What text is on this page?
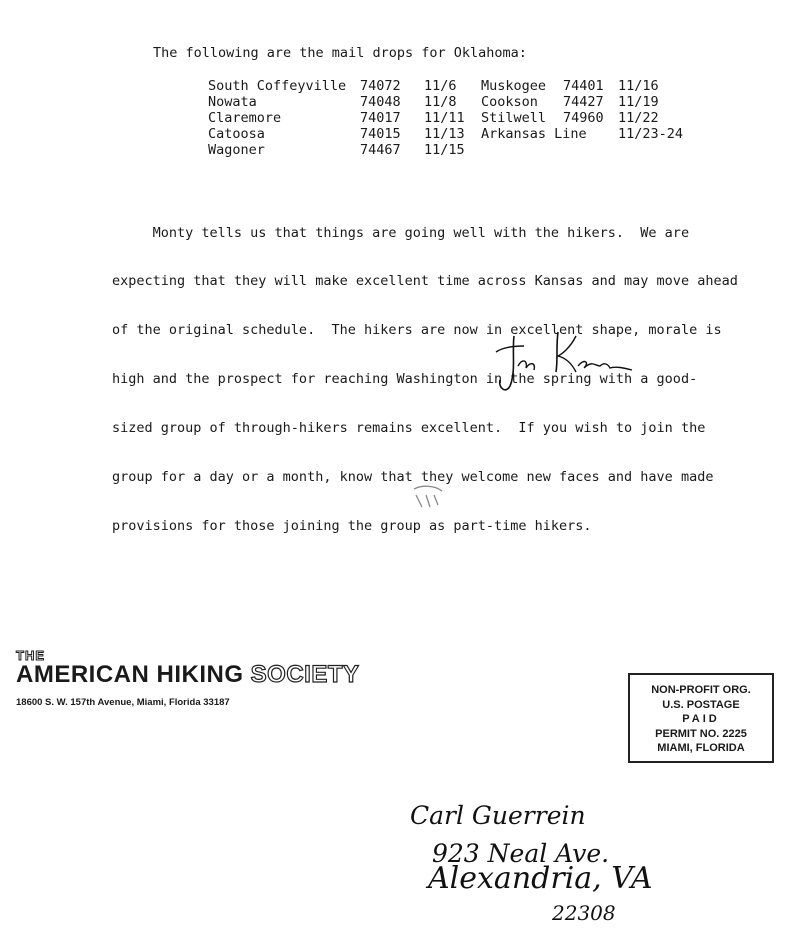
The following are the mail drops for Oklahoma:
South Coffeyville 74072 11/6 Muskogee 74401 11/16
Nowata	74048 11/8 Cookson 74427 11/19
Claremore	74017 11/11 Stilwell 74960 11/22
Catoosa	74015 11/13 Arkansas Line 11/23-24
Wagoner	74467 11/15

Monty tells us that things are going well with the hikers.  We are

expecting that they will make excellent time across Kansas and may move ahead

of the original schedule.  The hikers are now in excellent shape, morale is

high and the prospect for reaching Washington in the spring with a good-

sized group of through-hikers remains excellent.  If you wish to join the

group for a day or a month, know that they welcome new faces and have made

provisions for those joining the group as part-time hikers.

THE
AMERICAN HIKING SOCIETY
18600 S. W. 157th Avenue, Miami, Florida 33187
NON-PROFIT ORG.
U.S. POSTAGE
PAID
PERMIT NO. 2225
MIAMI, FLORIDA
Carl Guerrein
923 Neal Ave.
Alexandria, VA
22308
